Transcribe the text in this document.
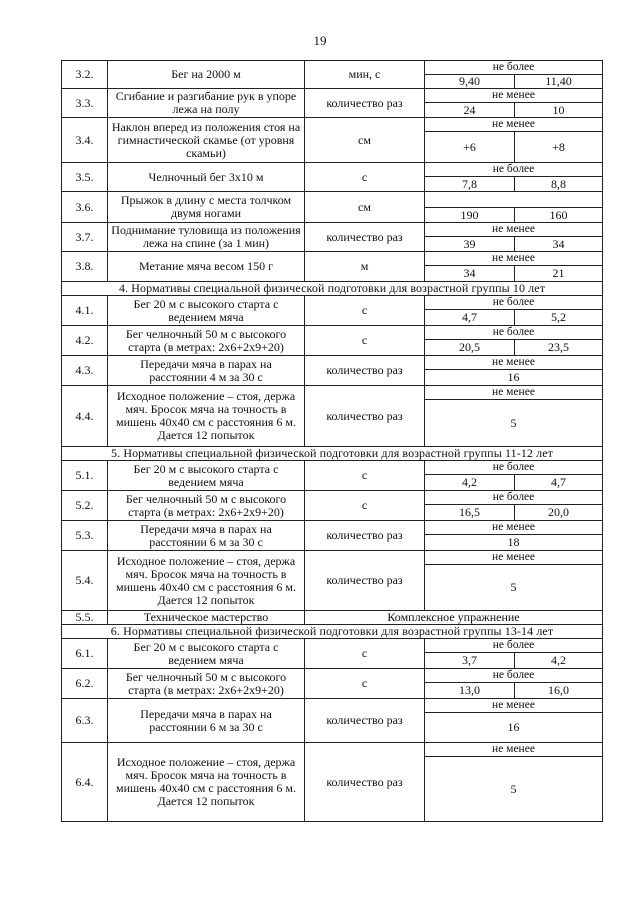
19
3.2.	Бег на 2000 м	мин, с	не более	
			9,40	11,40
3.3.	Сгибание и разгибание рук в упоре лежа на полу	количество раз	не менее	
			24	10
3.4.	Наклон вперед из положения стоя на гимнастической скамье (от уровня скамьи)	см	не менее	
			+6	+8
3.5.	Челночный бег 3x10 м	с	не более	
			7,8	8,8
3.6.	Прыжок в длину с места толчком двумя ногами	см		
			190	160
3.7.	Поднимание туловища из положения лежа на спине (за 1 мин)	количество раз	не менее	
			39	34
3.8.	Метание мяча весом 150 г	м	не менее	
			34	21
4. Нормативы специальной физической подготовки для возрастной группы 10 лет				
4.1.	Бег 20 м с высокого старта с ведением мяча	с	не более	
			4,7	5,2
4.2.	Бег челночный 50 м с высокого старта (в метрах: 2x6+2x9+20)	с	не более	
			20,5	23,5
4.3.	Передачи мяча в парах на расстоянии 4 м за 30 с	количество раз	не менее	
			16	
4.4.	Исходное положение – стоя, держа мяч. Бросок мяча на точность в мишень 40x40 см с расстояния 6 м. Дается 12 попыток	количество раз	не менее	
			5	
5. Нормативы специальной физической подготовки для возрастной группы 11-12 лет				
5.1.	Бег 20 м с высокого старта с ведением мяча	с	не более	
			4,2	4,7
5.2.	Бег челночный 50 м с высокого старта (в метрах: 2x6+2x9+20)	с	не более	
			16,5	20,0
5.3.	Передачи мяча в парах на расстоянии 6 м за 30 с	количество раз	не менее	
			18	
5.4.	Исходное положение – стоя, держа мяч. Бросок мяча на точность в мишень 40x40 см с расстояния 6 м. Дается 12 попыток	количество раз	не менее	
			5	
5.5.	Техническое мастерство	Комплексное упражнение		
6. Нормативы специальной физической подготовки для возрастной группы 13-14 лет				
6.1.	Бег 20 м с высокого старта с ведением мяча	с	не более	
			3,7	4,2
6.2.	Бег челночный 50 м с высокого старта (в метрах: 2x6+2x9+20)	с	не более	
			13,0	16,0
6.3.	Передачи мяча в парах на расстоянии 6 м за 30 с	количество раз	не менее	
			16	
6.4.	Исходное положение – стоя, держа мяч. Бросок мяча на точность в мишень 40x40 см с расстояния 6 м. Дается 12 попыток	количество раз	не менее	
			5	
